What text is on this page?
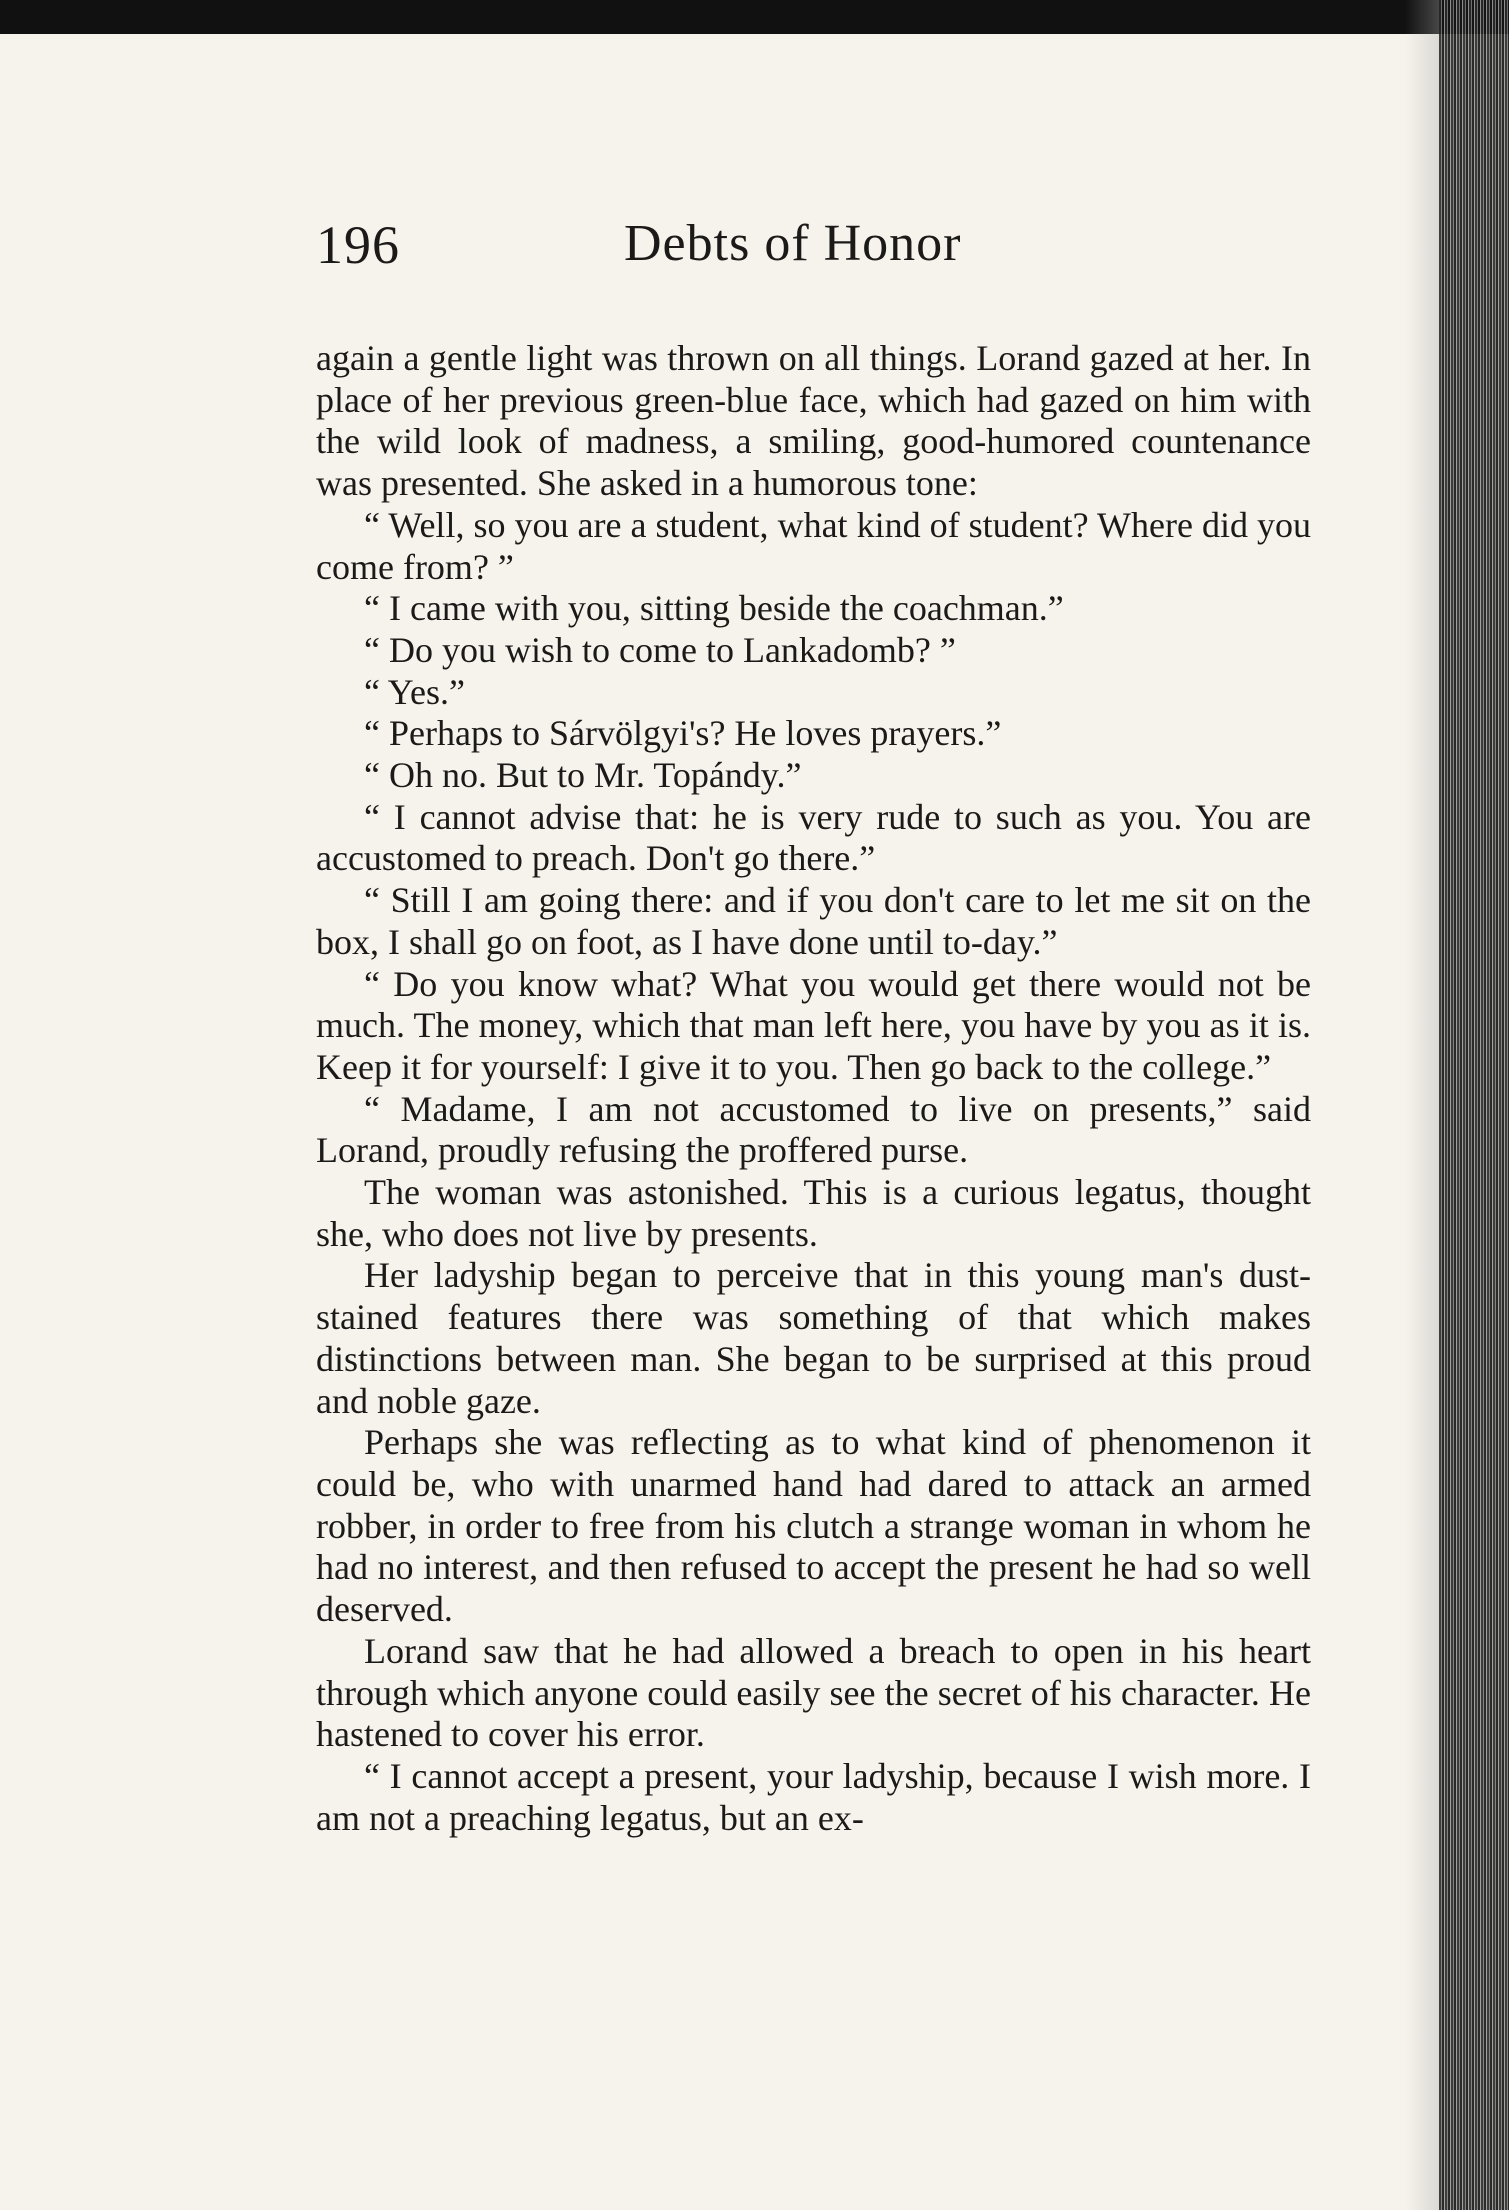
196	Debts of Honor

again a gentle light was thrown on all things. Lorand gazed at her. In place of her previous green-blue face, which had gazed on him with the wild look of madness, a smiling, good-humored countenance was presented. She asked in a humorous tone:

“ Well, so you are a student, what kind of student? Where did you come from? ”

“ I came with you, sitting beside the coachman.”

“ Do you wish to come to Lankadomb? ”

“ Yes.”

“ Perhaps to Sárvölgyi's? He loves prayers.”

“ Oh no. But to Mr. Topándy.”

“ I cannot advise that: he is very rude to such as you. You are accustomed to preach. Don't go there.”

“ Still I am going there: and if you don't care to let me sit on the box, I shall go on foot, as I have done until to-day.”

“ Do you know what? What you would get there would not be much. The money, which that man left here, you have by you as it is. Keep it for yourself: I give it to you. Then go back to the college.”

“ Madame, I am not accustomed to live on presents,” said Lorand, proudly refusing the proffered purse.

The woman was astonished. This is a curious legatus, thought she, who does not live by presents.

Her ladyship began to perceive that in this young man's dust-stained features there was something of that which makes distinctions between man. She began to be surprised at this proud and noble gaze.

Perhaps she was reflecting as to what kind of phenomenon it could be, who with unarmed hand had dared to attack an armed robber, in order to free from his clutch a strange woman in whom he had no interest, and then refused to accept the present he had so well deserved.

Lorand saw that he had allowed a breach to open in his heart through which anyone could easily see the secret of his character. He hastened to cover his error.

“ I cannot accept a present, your ladyship, because I wish more. I am not a preaching legatus, but an ex-
